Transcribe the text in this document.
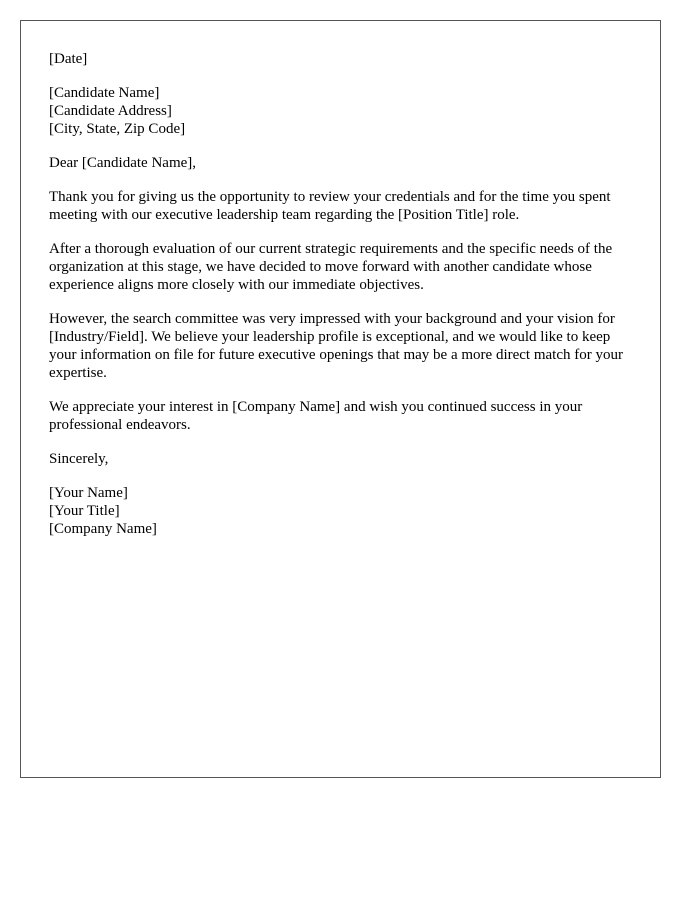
[Date]

[Candidate Name]
[Candidate Address]
[City, State, Zip Code]

Dear [Candidate Name],

Thank you for giving us the opportunity to review your credentials and for the time you spent meeting with our executive leadership team regarding the [Position Title] role.

After a thorough evaluation of our current strategic requirements and the specific needs of the organization at this stage, we have decided to move forward with another candidate whose experience aligns more closely with our immediate objectives.

However, the search committee was very impressed with your background and your vision for [Industry/Field]. We believe your leadership profile is exceptional, and we would like to keep your information on file for future executive openings that may be a more direct match for your expertise.

We appreciate your interest in [Company Name] and wish you continued success in your professional endeavors.

Sincerely,

[Your Name]
[Your Title]
[Company Name]
